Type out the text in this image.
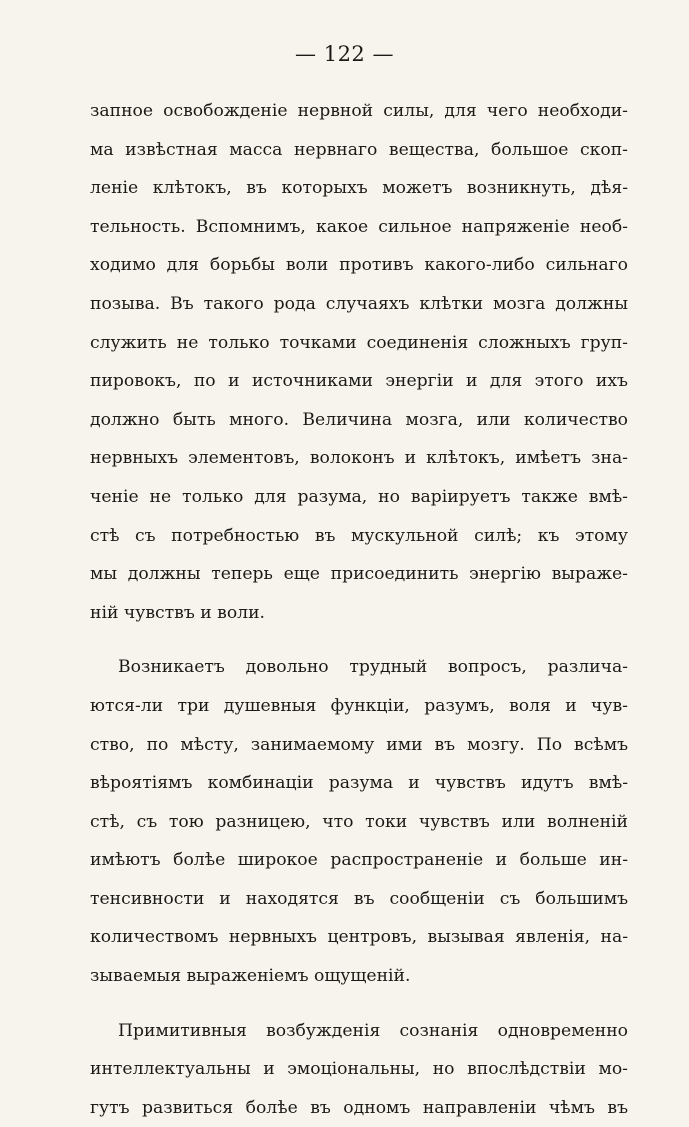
— 122 —
запное освобожденіе нервной силы, для чего необходи-
ма извѣстная масса нервнаго вещества, большое скоп-
леніе клѣтокъ, въ которыхъ можетъ возникнуть, дѣя-
тельность. Вспомнимъ, какое сильное напряженіе необ-
ходимо для борьбы воли противъ какого-либо сильнаго
позыва. Въ такого рода случаяхъ клѣтки мозга должны
служить не только точками соединенія сложныхъ груп-
пировокъ, по и источниками энергіи и для этого ихъ
должно быть много. Величина мозга, или количество
нервныхъ элементовъ, волоконъ и клѣтокъ, имѣетъ зна-
ченіе не только для разума, но варіируетъ также вмѣ-
стѣ съ потребностью въ мускульной силѣ; къ этому
мы должны теперь еще присоединить энергію выраже-
ній чувствъ и воли.
Возникаетъ довольно трудный вопросъ, различа-
ются-ли три душевныя функціи, разумъ, воля и чув-
ство, по мѣсту, занимаемому ими въ мозгу. По всѣмъ
вѣроятіямъ комбинаціи разума и чувствъ идутъ вмѣ-
стѣ, съ тою разницею, что токи чувствъ или волненій
имѣютъ болѣе широкое распространеніе и больше ин-
тенсивности и находятся въ сообщеніи съ большимъ
количествомъ нервныхъ центровъ, вызывая явленія, на-
зываемыя выраженіемъ ощущеній.
Примитивныя возбужденія сознанія одновременно
интеллектуальны и эмоціональны, но впослѣдствіи мо-
гутъ развиться болѣе въ одномъ направленіи чѣмъ въ
